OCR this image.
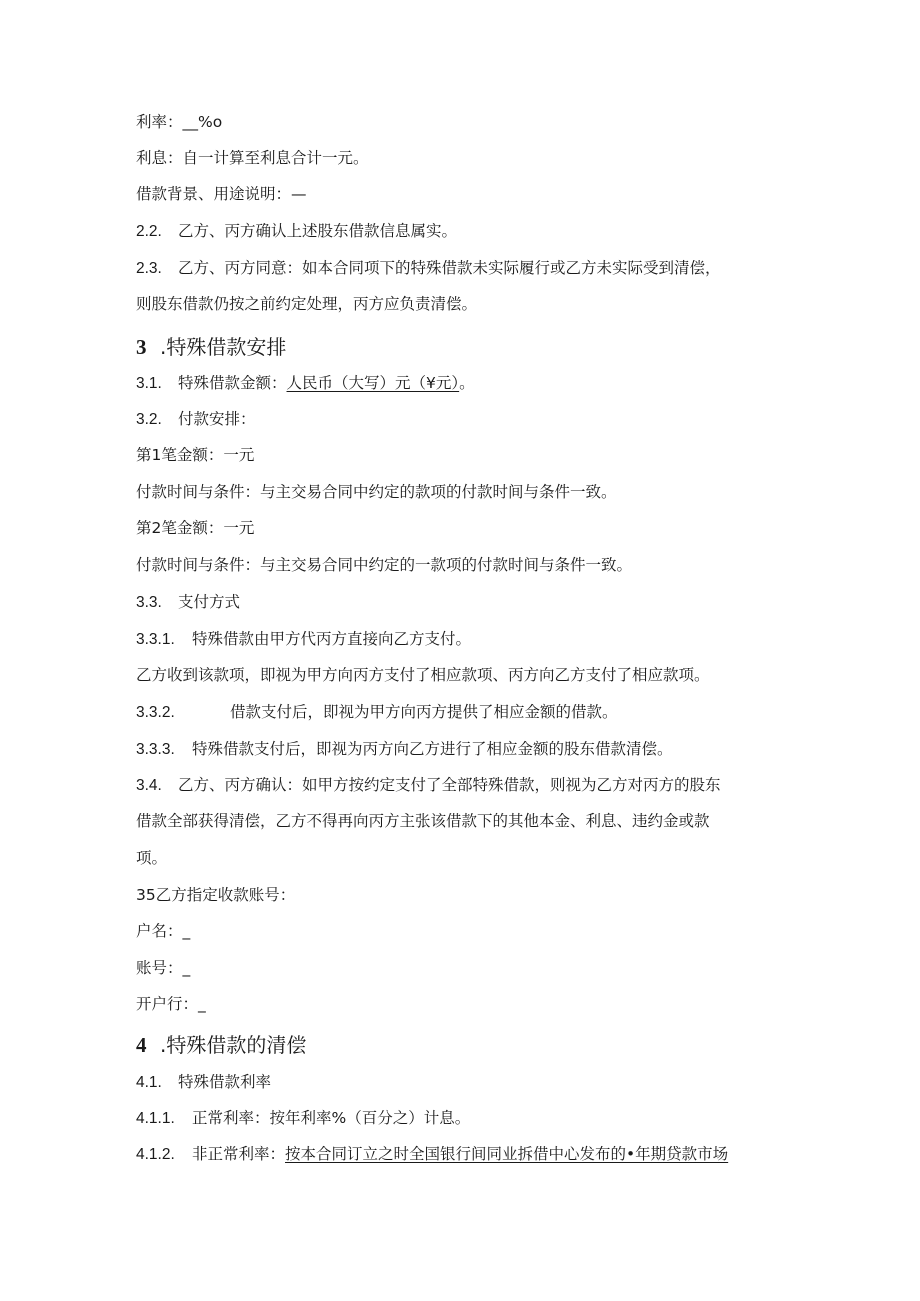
利率：__%o
利息：自一计算至利息合计一元。
借款背景、用途说明：—
2.2. 乙方、丙方确认上述股东借款信息属实。
2.3. 乙方、丙方同意：如本合同项下的特殊借款未实际履行或乙方未实际受到清偿，
则股东借款仍按之前约定处理，丙方应负责清偿。
3 .特殊借款安排
3.1. 特殊借款金额：人民币（大写）元（¥元）。
3.2. 付款安排：
第1笔金额：一元
付款时间与条件：与主交易合同中约定的款项的付款时间与条件一致。
第2笔金额：一元
付款时间与条件：与主交易合同中约定的一款项的付款时间与条件一致。
3.3. 支付方式
3.3.1. 特殊借款由甲方代丙方直接向乙方支付。
乙方收到该款项，即视为甲方向丙方支付了相应款项、丙方向乙方支付了相应款项。
3.3.2.	借款支付后，即视为甲方向丙方提供了相应金额的借款。
3.3.3. 特殊借款支付后，即视为丙方向乙方进行了相应金额的股东借款清偿。
3.4. 乙方、丙方确认：如甲方按约定支付了全部特殊借款，则视为乙方对丙方的股东
借款全部获得清偿，乙方不得再向丙方主张该借款下的其他本金、利息、违约金或款
项。
35乙方指定收款账号：
户名：_
账号：_
开户行：_
4 .特殊借款的清偿
4.1. 特殊借款利率
4.1.1. 正常利率：按年利率%（百分之）计息。
4.1.2. 非正常利率：按本合同订立之时全国银行间同业拆借中心发布的•年期贷款市场
